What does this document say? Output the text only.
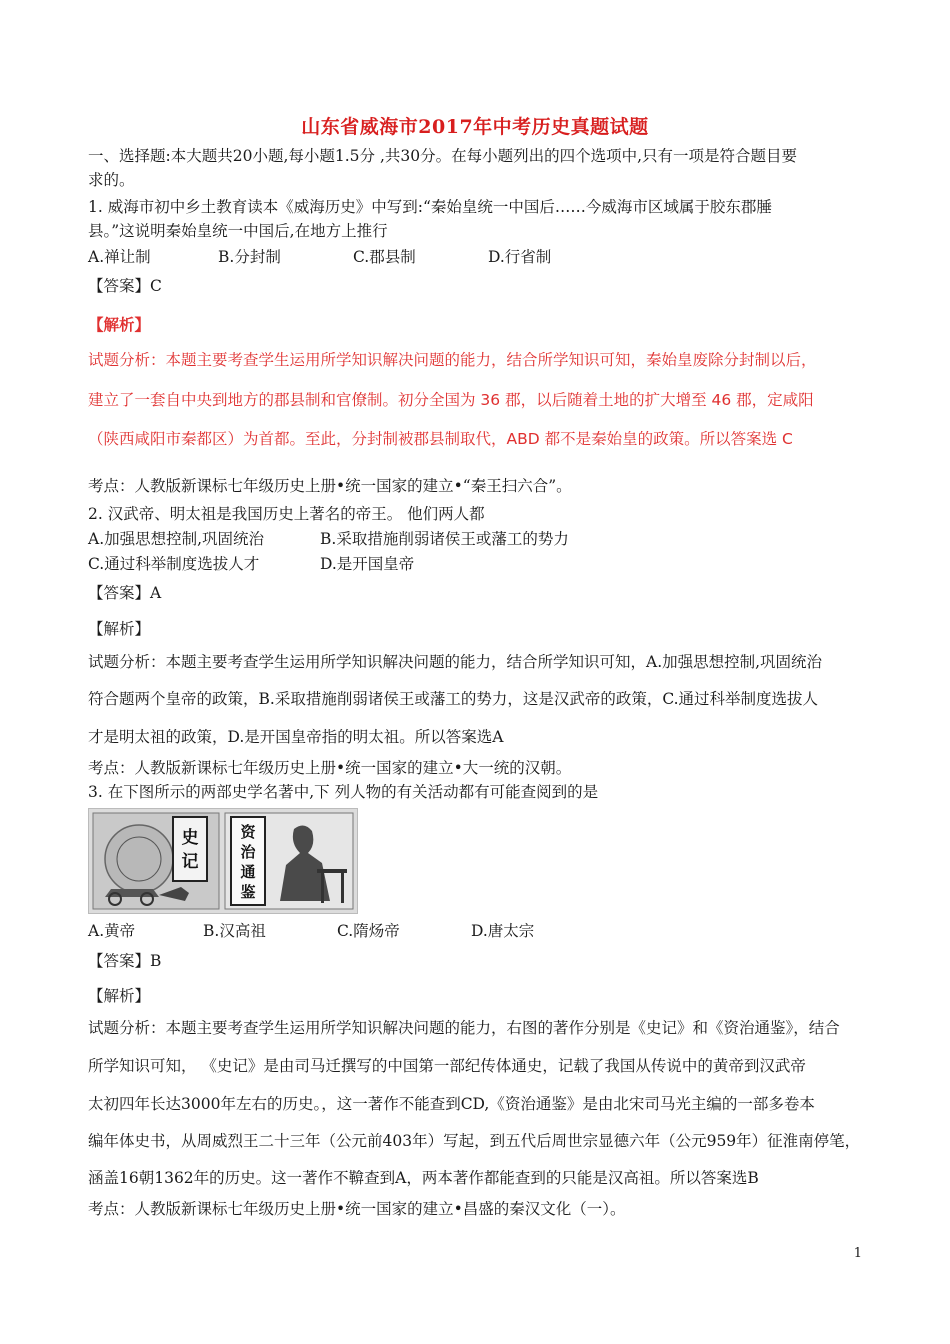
山东省威海市2017年中考历史真题试题
一、选择题:本大题共20小题,每小题1.5分 ,共30分。在每小题列出的四个选项中,只有一项是符合题目要
求的。
1. 威海市初中乡土教育读本《威海历史》中写到:“秦始皇统一中国后……今威海市区域属于胶东郡腄
县。”这说明秦始皇统一中国后,在地方上推行
A.禅让制	B.分封制	C.郡县制	D.行省制
【答案】C
【解析】
试题分析：本题主要考查学生运用所学知识解决问题的能力，结合所学知识可知，秦始皇废除分封制以后，
建立了一套自中央到地方的郡县制和官僚制。初分全国为 36 郡，以后随着土地的扩大增至 46 郡，定咸阳
（陕西咸阳市秦都区）为首都。至此，分封制被郡县制取代，ABD 都不是秦始皇的政策。所以答案选 C
考点：人教版新课标七年级历史上册•统一国家的建立•“秦王扫六合”。
2. 汉武帝、明太祖是我国历史上著名的帝王。 他们两人都
A.加强思想控制,巩固统治	B.采取措施削弱诸侯王或藩工的势力
C.通过科举制度选拔人才	D.是开国皇帝
【答案】A
【解析】
试题分析：本题主要考查学生运用所学知识解决问题的能力，结合所学知识可知，A.加强思想控制,巩固统治
符合题两个皇帝的政策，B.采取措施削弱诸侯王或藩工的势力，这是汉武帝的政策，C.通过科举制度选拔人
才是明太祖的政策，D.是开国皇帝指的明太祖。所以答案选A
考点：人教版新课标七年级历史上册•统一国家的建立•大一统的汉朝。
3. 在下图所示的两部史学名著中,下 列人物的有关活动都有可能查阅到的是
史
记
资
治
通
鉴
A.黄帝	B.汉高祖	C.隋炀帝	D.唐太宗
【答案】B
【解析】
试题分析：本题主要考查学生运用所学知识解决问题的能力，右图的著作分别是《史记》和《资治通鉴》，结合
所学知识可知， 《史记》是由司马迁撰写的中国第一部纪传体通史，记载了我国从传说中的黄帝到汉武帝
太初四年长达3000年左右的历史。，这一著作不能查到CD,《资治通鉴》是由北宋司马光主编的一部多卷本
编年体史书，从周威烈王二十三年（公元前403年）写起，到五代后周世宗显德六年（公元959年）征淮南停笔，
涵盖16朝1362年的历史。这一著作不鞥查到A，两本著作都能查到的只能是汉高祖。所以答案选B
考点：人教版新课标七年级历史上册•统一国家的建立•昌盛的秦汉文化（一）。
1
